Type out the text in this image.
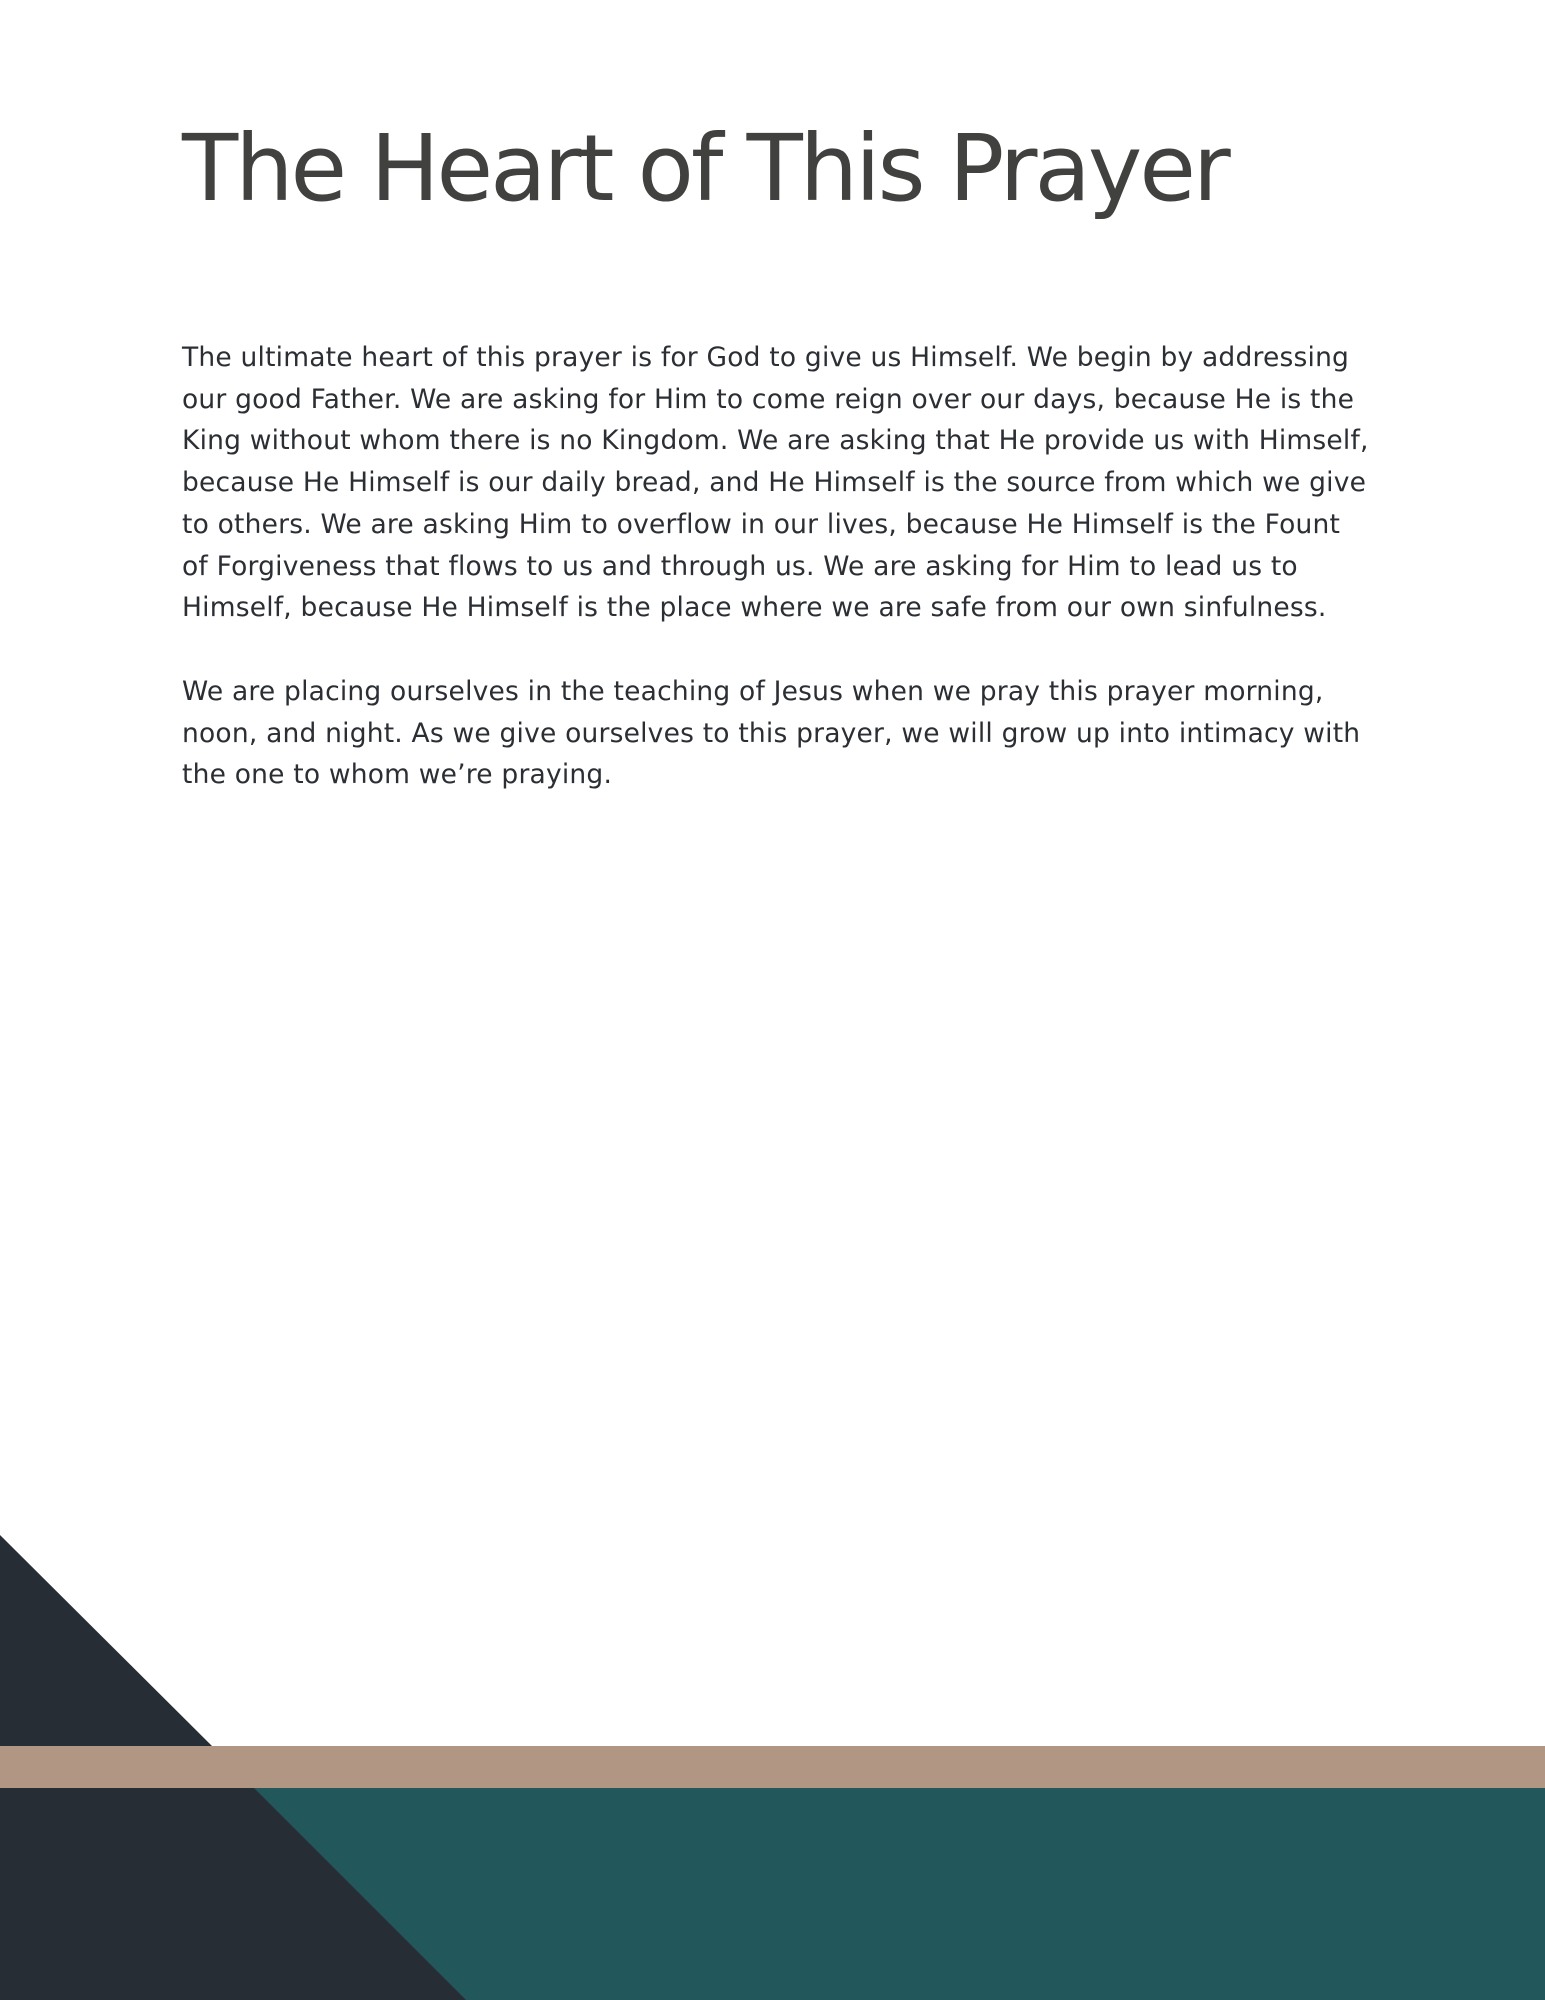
The Heart of This Prayer

The ultimate heart of this prayer is for God to give us Himself. We begin by addressing our good Father. We are asking for Him to come reign over our days, because He is the King without whom there is no Kingdom. We are asking that He provide us with Himself, because He Himself is our daily bread, and He Himself is the source from which we give to others. We are asking Him to overflow in our lives, because He Himself is the Fount of Forgiveness that flows to us and through us. We are asking for Him to lead us to Himself, because He Himself is the place where we are safe from our own sinfulness.

We are placing ourselves in the teaching of Jesus when we pray this prayer morning, noon, and night. As we give ourselves to this prayer, we will grow up into intimacy with the one to whom we’re praying.
